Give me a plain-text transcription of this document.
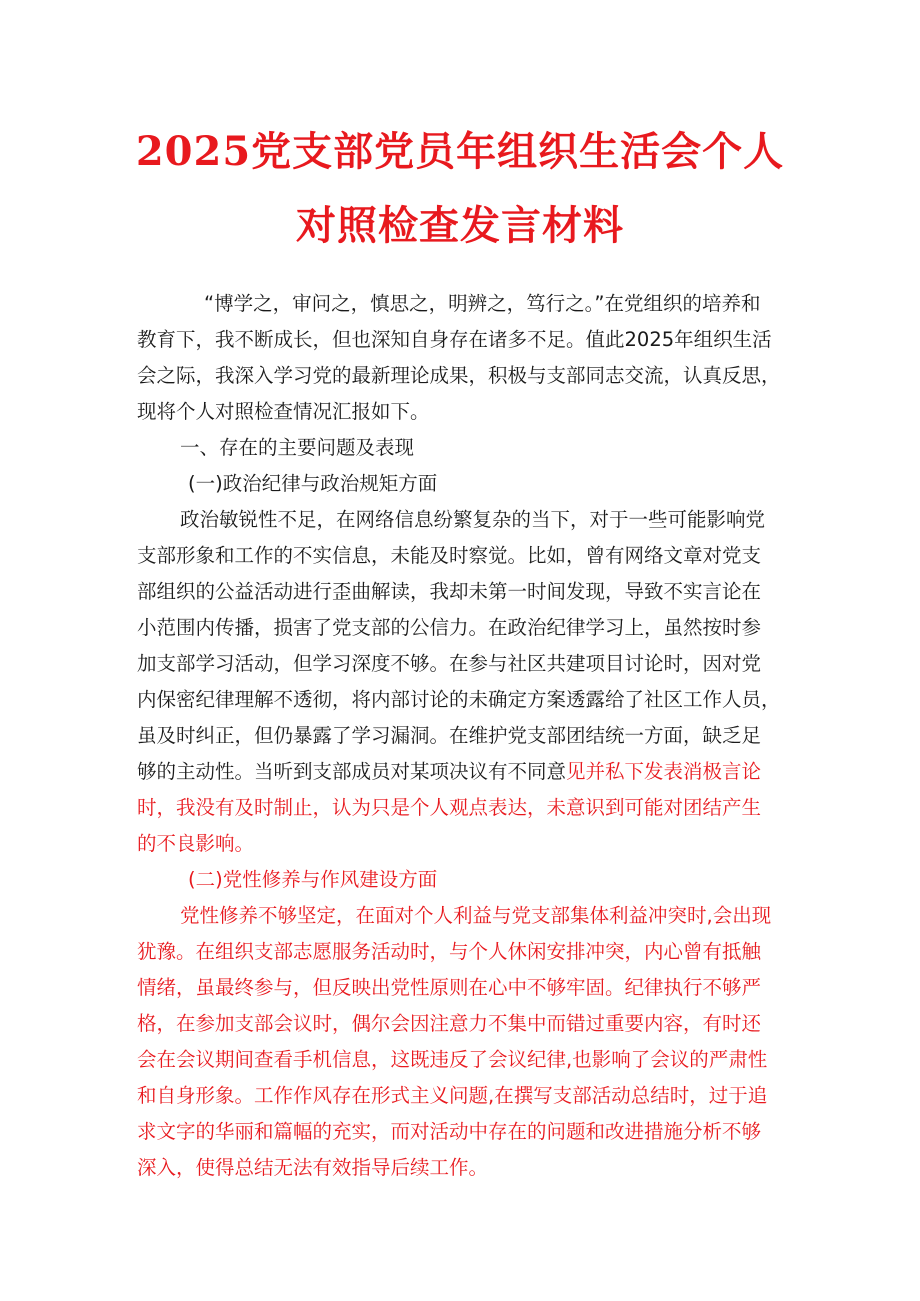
2025党支部党员年组织生活会个人
对照检查发言材料
“博学之，审问之，慎思之，明辨之，笃行之。”在党组织的培养和
教育下，我不断成长，但也深知自身存在诸多不足。值此2025年组织生活
会之际，我深入学习党的最新理论成果，积极与支部同志交流，认真反思，
现将个人对照检查情况汇报如下。
一、存在的主要问题及表现
(一)政治纪律与政治规矩方面
政治敏锐性不足，在网络信息纷繁复杂的当下，对于一些可能影响党
支部形象和工作的不实信息，未能及时察觉。比如，曾有网络文章对党支
部组织的公益活动进行歪曲解读，我却未第一时间发现，导致不实言论在
小范围内传播，损害了党支部的公信力。在政治纪律学习上，虽然按时参
加支部学习活动，但学习深度不够。在参与社区共建项目讨论时，因对党
内保密纪律理解不透彻，将内部讨论的未确定方案透露给了社区工作人员，
虽及时纠正，但仍暴露了学习漏洞。在维护党支部团结统一方面，缺乏足
够的主动性。当听到支部成员对某项决议有不同意见并私下发表消极言论
时，我没有及时制止，认为只是个人观点表达，未意识到可能对团结产生
的不良影响。
(二)党性修养与作风建设方面
党性修养不够坚定，在面对个人利益与党支部集体利益冲突时,会出现
犹豫。在组织支部志愿服务活动时，与个人休闲安排冲突，内心曾有抵触
情绪，虽最终参与，但反映出党性原则在心中不够牢固。纪律执行不够严
格，在参加支部会议时，偶尔会因注意力不集中而错过重要内容，有时还
会在会议期间查看手机信息，这既违反了会议纪律,也影响了会议的严肃性
和自身形象。工作作风存在形式主义问题,在撰写支部活动总结时，过于追
求文字的华丽和篇幅的充实，而对活动中存在的问题和改进措施分析不够
深入，使得总结无法有效指导后续工作。
